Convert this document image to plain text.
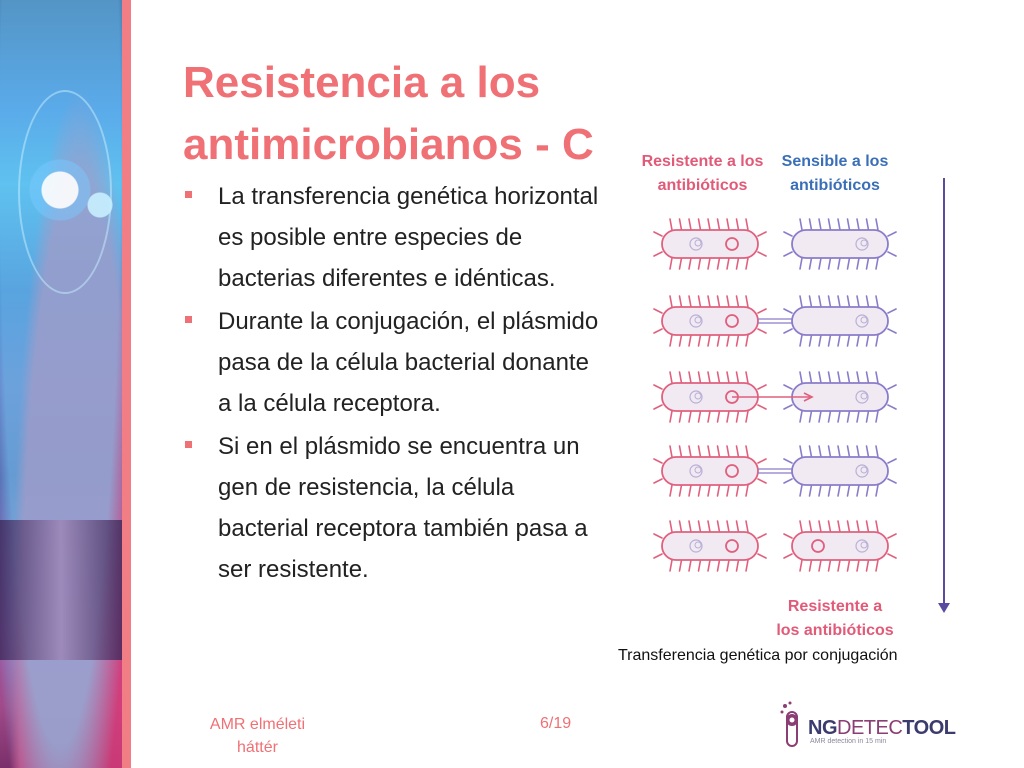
Resistencia a los antimicrobianos - C
La transferencia genética horizontal es posible entre especies de bacterias diferentes e idénticas.
Durante la conjugación, el plásmido pasa de la célula bacterial donante a la célula receptora.
Si en el plásmido se encuentra un gen de resistencia, la célula bacterial receptora también pasa a ser resistente.

Resistente a los
antibióticos

Sensible a los
antibióticos

Resistente a
los antibióticos

Transferencia genética por conjugación

AMR elméleti
háttér

6/19	NGDETECTOOL
AMR detection in 15 min
